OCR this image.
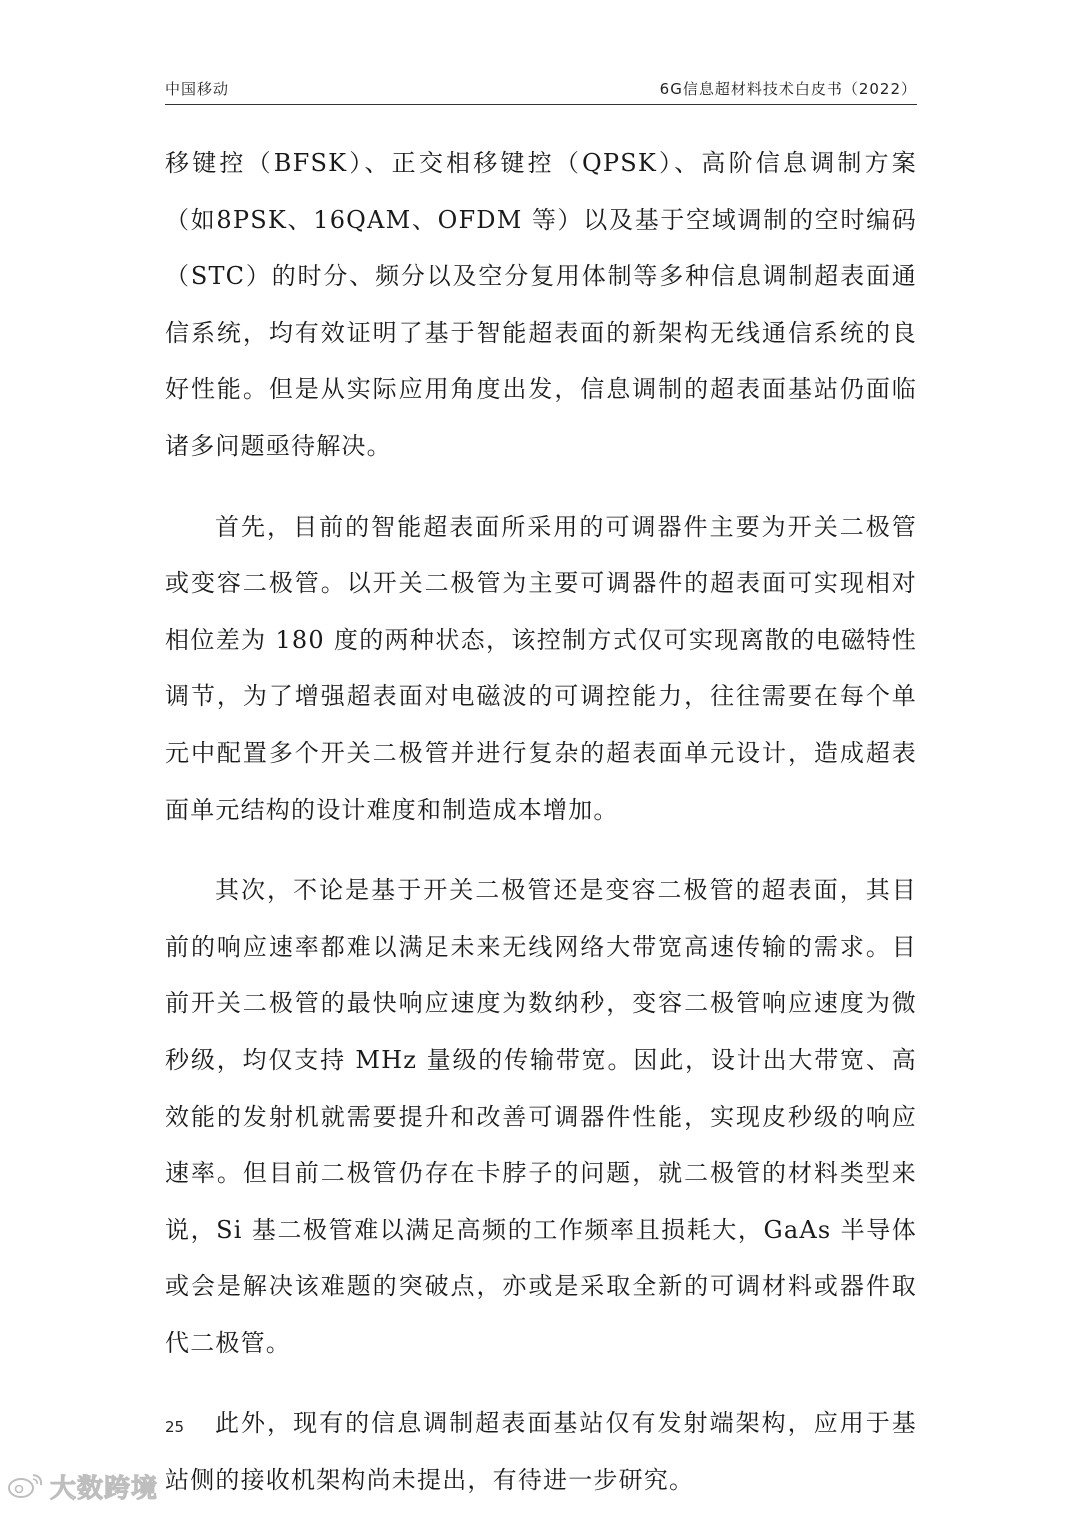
中国移动	6G信息超材料技术白皮书（2022）

移键控（BFSK）、正交相移键控（QPSK）、高阶信息调制方案（如8PSK、16QAM、OFDM 等）以及基于空域调制的空时编码（STC）的时分、频分以及空分复用体制等多种信息调制超表面通信系统，均有效证明了基于智能超表面的新架构无线通信系统的良好性能。但是从实际应用角度出发，信息调制的超表面基站仍面临诸多问题亟待解决。

首先，目前的智能超表面所采用的可调器件主要为开关二极管或变容二极管。以开关二极管为主要可调器件的超表面可实现相对相位差为 180 度的两种状态，该控制方式仅可实现离散的电磁特性调节，为了增强超表面对电磁波的可调控能力，往往需要在每个单元中配置多个开关二极管并进行复杂的超表面单元设计，造成超表面单元结构的设计难度和制造成本增加。

其次，不论是基于开关二极管还是变容二极管的超表面，其目前的响应速率都难以满足未来无线网络大带宽高速传输的需求。目前开关二极管的最快响应速度为数纳秒，变容二极管响应速度为微秒级，均仅支持 MHz 量级的传输带宽。因此，设计出大带宽、高效能的发射机就需要提升和改善可调器件性能，实现皮秒级的响应速率。但目前二极管仍存在卡脖子的问题，就二极管的材料类型来说，Si 基二极管难以满足高频的工作频率且损耗大，GaAs 半导体或会是解决该难题的突破点，亦或是采取全新的可调材料或器件取代二极管。

此外，现有的信息调制超表面基站仅有发射端架构，应用于基站侧的接收机架构尚未提出，有待进一步研究。

25
大数跨境
